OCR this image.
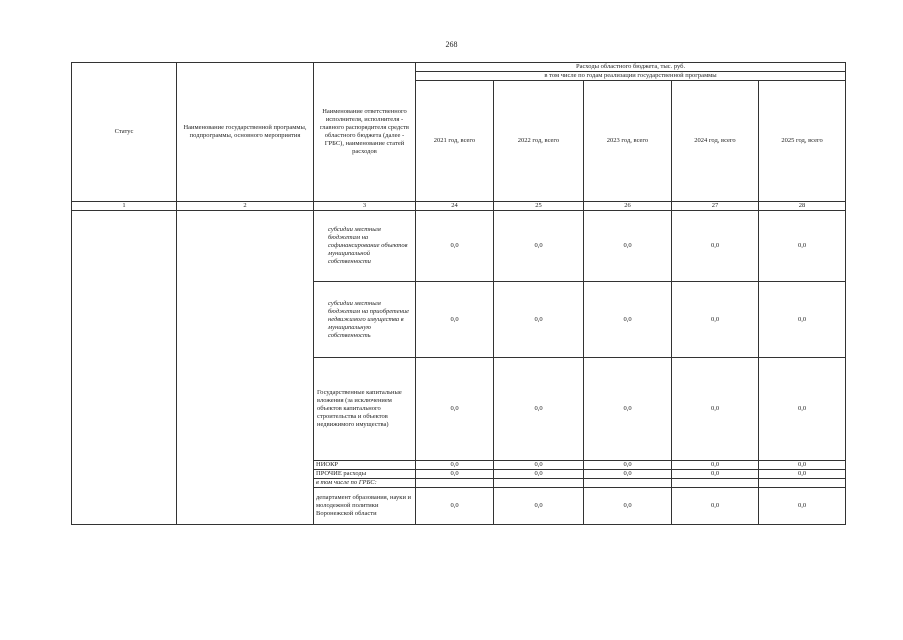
268
Статус	Наименование государственной программы, подпрограммы, основного мероприятия	Наименование ответственного исполнителя, исполнителя - главного распорядителя средств областного бюджета (далее - ГРБС), наименование статей расходов	Расходы областного бюджета, тыс. руб.				
			в том числе по годам реализации государственной программы				
			2021 год, всего	2022 год, всего	2023 год, всего	2024 год, всего	2025 год, всего
1	2	3	24	25	26	27	28
		субсидии местным бюджетам на софинансирование объектов муниципальной собственности	0,0	0,0	0,0	0,0	0,0
		субсидии местным бюджетам на приобретение недвижимого имущества в муниципальную собственность	0,0	0,0	0,0	0,0	0,0
		Государственные капитальные вложения (за исключением объектов капитального строительства и объектов недвижимого имущества)	0,0	0,0	0,0	0,0	0,0
		НИОКР	0,0	0,0	0,0	0,0	0,0
		ПРОЧИЕ расходы	0,0	0,0	0,0	0,0	0,0
		в том числе по ГРБС:					
		департамент образования, науки и молодежной политики Воронежской области	0,0	0,0	0,0	0,0	0,0
